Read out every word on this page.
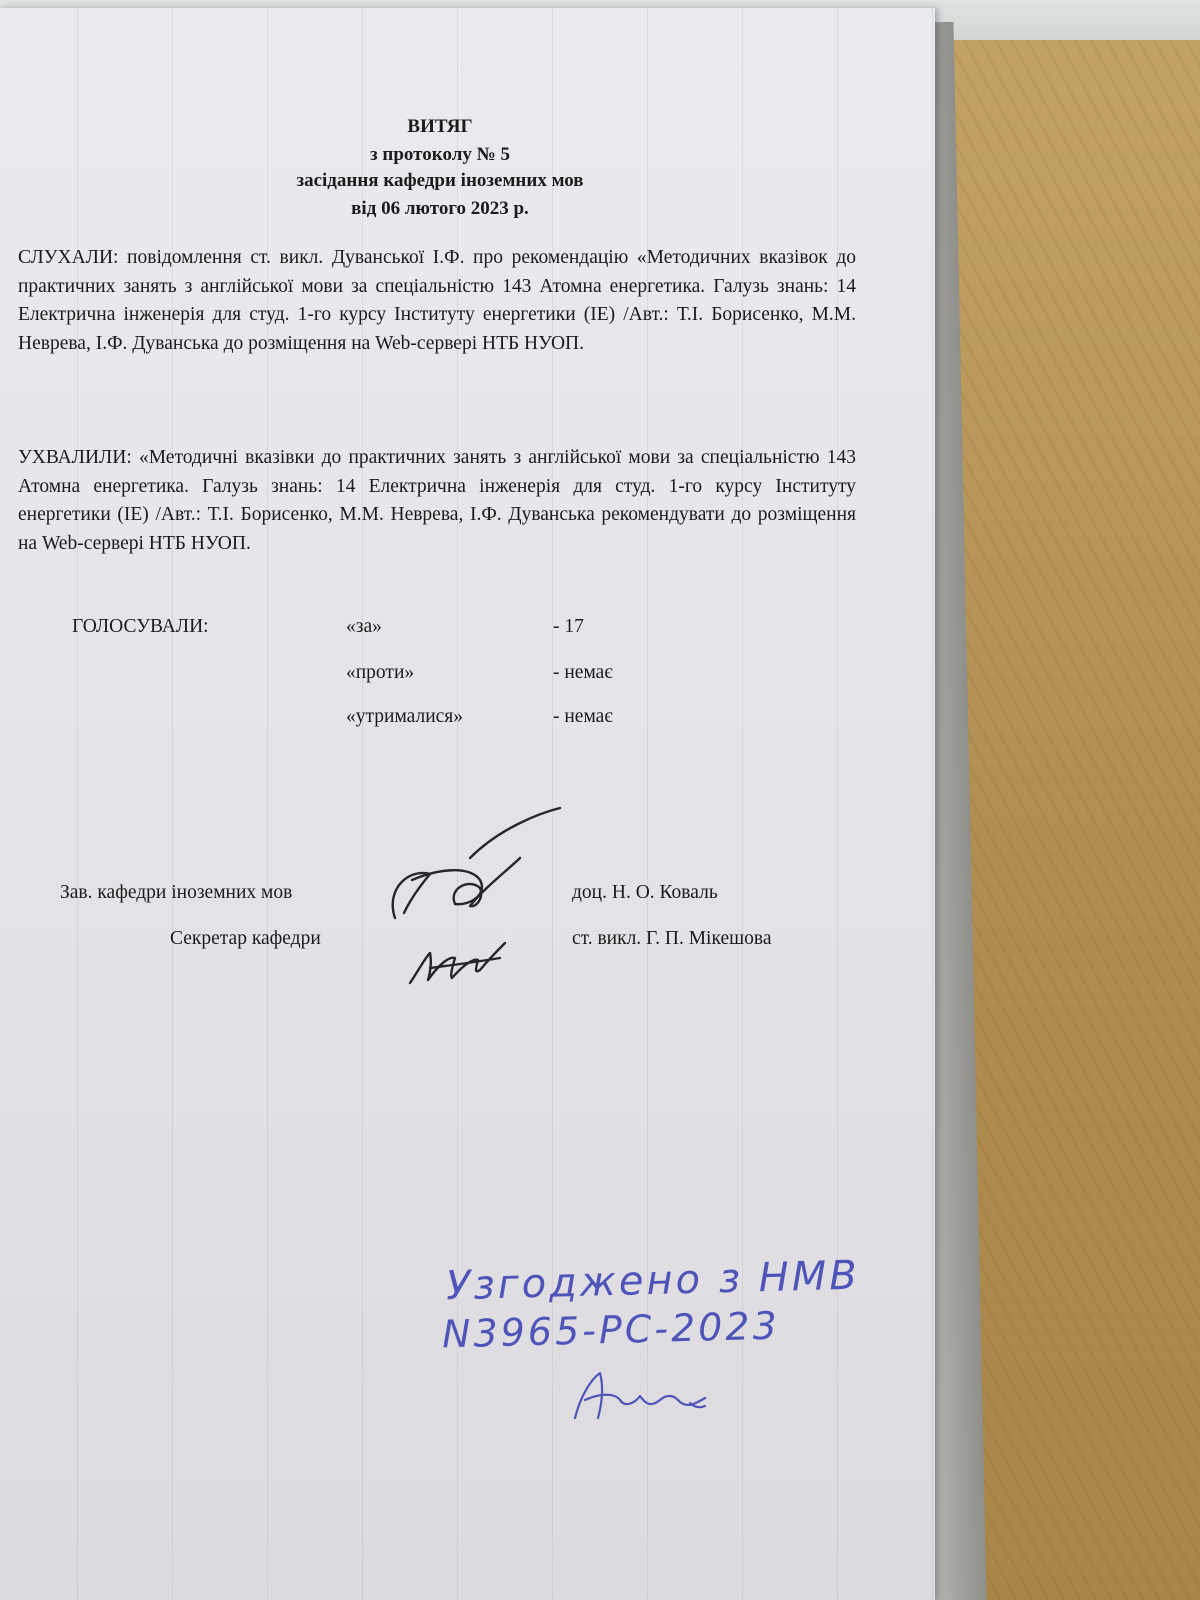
ВИТЯГ
з протоколу № 5
засідання кафедри іноземних мов
від 06 лютого 2023 р.

СЛУХАЛИ: повідомлення ст. викл. Дуванської І.Ф. про рекомендацію «Методичних вказівок до практичних занять з англійської мови за спеціальністю 143 Атомна енергетика. Галузь знань: 14 Електрична інженерія для студ. 1-го курсу Інституту енергетики (ІЕ) /Авт.: Т.І. Борисенко, М.М. Неврева, І.Ф. Дуванська до розміщення на Web-сервері НТБ НУОП.

УХВАЛИЛИ: «Методичні вказівки до практичних занять з англійської мови за спеціальністю 143 Атомна енергетика. Галузь знань: 14 Електрична інженерія для студ. 1-го курсу Інституту енергетики (ІЕ) /Авт.: Т.І. Борисенко, М.М. Неврева, І.Ф. Дуванська рекомендувати до розміщення на Web-сервері НТБ НУОП.

ГОЛОСУВАЛИ:	«за»	- 17
«проти»	- немає
«утрималися»	- немає
Зав. кафедри іноземних мов	доц. Н. О. Коваль
Секретар кафедри	ст. викл. Г. П. Мікешова
Узгоджено з НМВ
N3965-PC-2023
